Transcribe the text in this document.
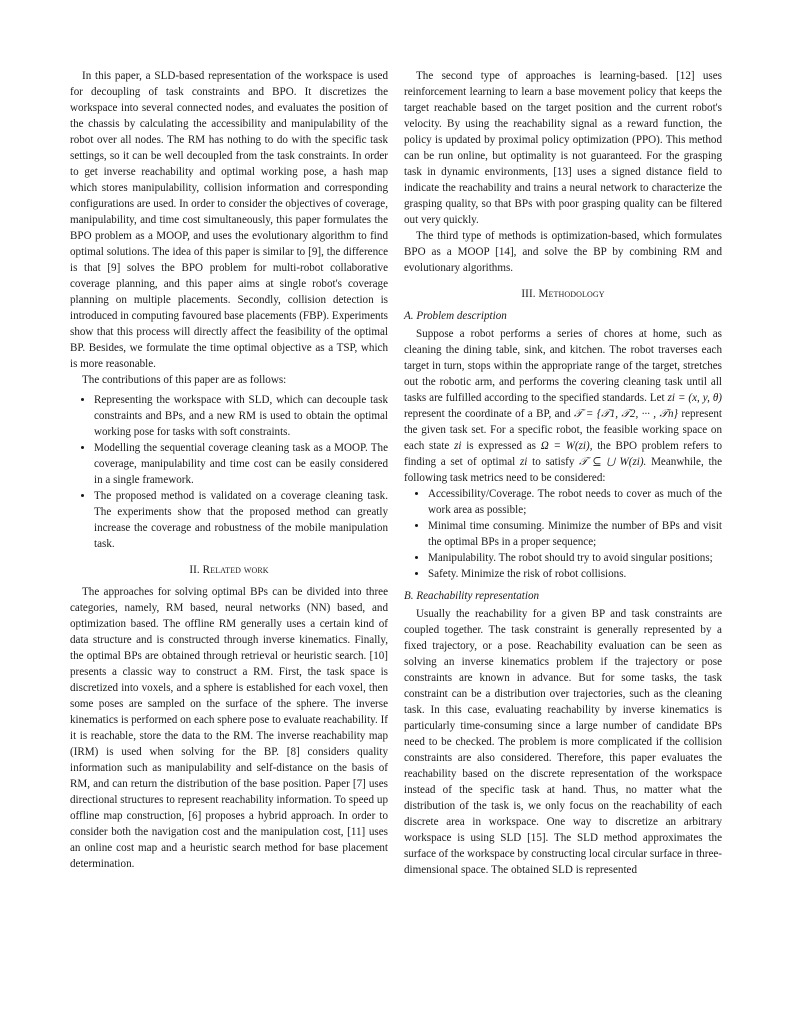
In this paper, a SLD-based representation of the workspace is used for decoupling of task constraints and BPO. It discretizes the workspace into several connected nodes, and evaluates the position of the chassis by calculating the accessibility and manipulability of the robot over all nodes. The RM has nothing to do with the specific task settings, so it can be well decoupled from the task constraints. In order to get inverse reachability and optimal working pose, a hash map which stores manipulability, collision information and corresponding configurations are used. In order to consider the objectives of coverage, manipulability, and time cost simultaneously, this paper formulates the BPO problem as a MOOP, and uses the evolutionary algorithm to find optimal solutions. The idea of this paper is similar to [9], the difference is that [9] solves the BPO problem for multi-robot collaborative coverage planning, and this paper aims at single robot's coverage planning on multiple placements. Secondly, collision detection is introduced in computing favoured base placements (FBP). Experiments show that this process will directly affect the feasibility of the optimal BP. Besides, we formulate the time optimal objective as a TSP, which is more reasonable.

The contributions of this paper are as follows:

• Representing the workspace with SLD, which can decouple task constraints and BPs, and a new RM is used to obtain the optimal working pose for tasks with soft constraints.
• Modelling the sequential coverage cleaning task as a MOOP. The coverage, manipulability and time cost can be easily considered in a single framework.
• The proposed method is validated on a coverage cleaning task. The experiments show that the proposed method can greatly increase the coverage and robustness of the mobile manipulation task.
II. Related work

The approaches for solving optimal BPs can be divided into three categories, namely, RM based, neural networks (NN) based, and optimization based. The offline RM generally uses a certain kind of data structure and is constructed through inverse kinematics. Finally, the optimal BPs are obtained through retrieval or heuristic search. [10] presents a classic way to construct a RM. First, the task space is discretized into voxels, and a sphere is established for each voxel, then some poses are sampled on the surface of the sphere. The inverse kinematics is performed on each sphere pose to evaluate reachability. If it is reachable, store the data to the RM. The inverse reachability map (IRM) is used when solving for the BP. [8] considers quality information such as manipulability and self-distance on the basis of RM, and can return the distribution of the base position. Paper [7] uses directional structures to represent reachability information. To speed up offline map construction, [6] proposes a hybrid approach. In order to consider both the navigation cost and the manipulation cost, [11] uses an online cost map and a heuristic search method for base placement determination.

The second type of approaches is learning-based. [12] uses reinforcement learning to learn a base movement policy that keeps the target reachable based on the target position and the current robot's velocity. By using the reachability signal as a reward function, the policy is updated by proximal policy optimization (PPO). This method can be run online, but optimality is not guaranteed. For the grasping task in dynamic environments, [13] uses a signed distance field to indicate the reachability and trains a neural network to characterize the grasping quality, so that BPs with poor grasping quality can be filtered out very quickly.

The third type of methods is optimization-based, which formulates BPO as a MOOP [14], and solve the BP by combining RM and evolutionary algorithms.

III. Methodology
A. Problem description

Suppose a robot performs a series of chores at home, such as cleaning the dining table, sink, and kitchen. The robot traverses each target in turn, stops within the appropriate range of the target, stretches out the robotic arm, and performs the covering cleaning task until all tasks are fulfilled according to the specified standards. Let zi = (x, y, θ) represent the coordinate of a BP, and 𝒯 = {𝒯1, 𝒯2, ··· , 𝒯n} represent the given task set. For a specific robot, the feasible working space on each state zi is expressed as Ω = W(zi), the BPO problem refers to finding a set of optimal zi to satisfy 𝒯 ⊆ ⋃ W(zi). Meanwhile, the following task metrics need to be considered:

• Accessibility/Coverage. The robot needs to cover as much of the work area as possible;
• Minimal time consuming. Minimize the number of BPs and visit the optimal BPs in a proper sequence;
• Manipulability. The robot should try to avoid singular positions;
• Safety. Minimize the risk of robot collisions.
B. Reachability representation

Usually the reachability for a given BP and task constraints are coupled together. The task constraint is generally represented by a fixed trajectory, or a pose. Reachability evaluation can be seen as solving an inverse kinematics problem if the trajectory or pose constraints are known in advance. But for some tasks, the task constraint can be a distribution over trajectories, such as the cleaning task. In this case, evaluating reachability by inverse kinematics is particularly time-consuming since a large number of candidate BPs need to be checked. The problem is more complicated if the collision constraints are also considered. Therefore, this paper evaluates the reachability based on the discrete representation of the workspace instead of the specific task at hand. Thus, no matter what the distribution of the task is, we only focus on the reachability of each discrete area in workspace. One way to discretize an arbitrary workspace is using SLD [15]. The SLD method approximates the surface of the workspace by constructing local circular surface in three-dimensional space. The obtained SLD is represented
